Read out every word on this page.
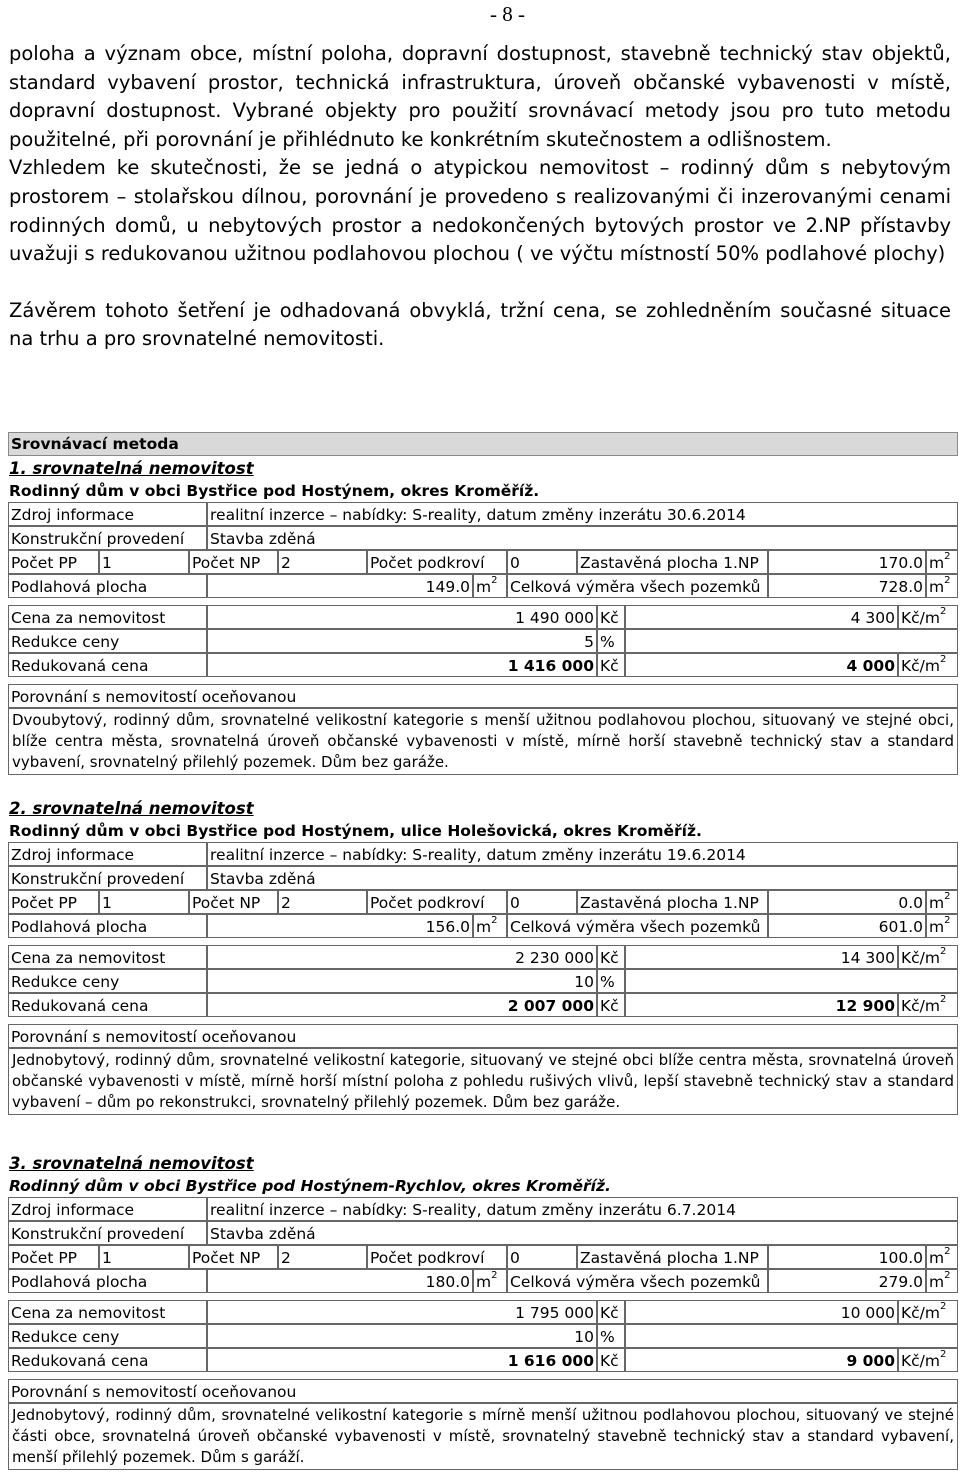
- 8 -

poloha a význam obce, místní poloha, dopravní dostupnost, stavebně technický stav objektů, standard vybavení prostor, technická infrastruktura, úroveň občanské vybavenosti v místě, dopravní dostupnost. Vybrané objekty pro použití srovnávací metody jsou pro tuto metodu použitelné, při porovnání je přihlédnuto ke konkrétním skutečnostem a odlišnostem.

Vzhledem ke skutečnosti, že se jedná o atypickou nemovitost – rodinný dům s nebytovým prostorem – stolařskou dílnou, porovnání je provedeno s realizovanými či inzerovanými cenami rodinných domů, u nebytových prostor a nedokončených bytových prostor ve 2.NP přístavby uvažuji s redukovanou užitnou podlahovou plochou ( ve výčtu místností 50% podlahové plochy)

Závěrem tohoto šetření je odhadovaná obvyklá, tržní cena, se zohledněním současné situace na trhu a pro srovnatelné nemovitosti.

Srovnávací metoda
1. srovnatelná nemovitost
Rodinný dům v obci Bystřice pod Hostýnem, okres Kroměříž.
Zdroj informace	realitní inzerce – nabídky: S-reality, datum změny inzerátu 30.6.2014
Konstrukční provedení	Stavba zděná
Počet PP	1	Počet NP	2	Počet podkroví	0	Zastavěná plocha 1.NP	170.0 $m^2$
Podlahová plocha	149.0 $m^2$ Celková výměra všech pozemků	728.0 $m^2$
Cena za nemovitost	1 490 000 Kč	4 300 $Kč/m^2$
Redukce ceny	5 %
Redukovaná cena	1 416 000 Kč	4 000 $Kč/m^2$
Porovnání s nemovitostí oceňovanou
Dvoubytový, rodinný dům, srovnatelné velikostní kategorie s menší užitnou podlahovou plochou, situovaný ve stejné obci, blíže centra města, srovnatelná úroveň občanské vybavenosti v místě, mírně horší stavebně technický stav a standard vybavení, srovnatelný přilehlý pozemek. Dům bez garáže.
2. srovnatelná nemovitost
Rodinný dům v obci Bystřice pod Hostýnem, ulice Holešovická, okres Kroměříž.
Zdroj informace	realitní inzerce – nabídky: S-reality, datum změny inzerátu 19.6.2014
Konstrukční provedení	Stavba zděná
Počet PP	1	Počet NP	2	Počet podkroví	0	Zastavěná plocha 1.NP	0.0 $m^2$
Podlahová plocha	156.0 $m^2$ Celková výměra všech pozemků	601.0 $m^2$
Cena za nemovitost	2 230 000 Kč	14 300 $Kč/m^2$
Redukce ceny	10 %
Redukovaná cena	2 007 000 Kč	12 900 $Kč/m^2$
Porovnání s nemovitostí oceňovanou
Jednobytový, rodinný dům, srovnatelné velikostní kategorie, situovaný ve stejné obci blíže centra města, srovnatelná úroveň občanské vybavenosti v místě, mírně horší místní poloha z pohledu rušivých vlivů, lepší stavebně technický stav a standard vybavení – dům po rekonstrukci, srovnatelný přilehlý pozemek. Dům bez garáže.
3. srovnatelná nemovitost
Rodinný dům v obci Bystřice pod Hostýnem-Rychlov, okres Kroměříž.
Zdroj informace	realitní inzerce – nabídky: S-reality, datum změny inzerátu 6.7.2014
Konstrukční provedení	Stavba zděná
Počet PP	1	Počet NP	2	Počet podkroví	0	Zastavěná plocha 1.NP	100.0 $m^2$
Podlahová plocha	180.0 $m^2$ Celková výměra všech pozemků	279.0 $m^2$
Cena za nemovitost	1 795 000 Kč	10 000 $Kč/m^2$
Redukce ceny	10 %
Redukovaná cena	1 616 000 Kč	9 000 $Kč/m^2$
Porovnání s nemovitostí oceňovanou
Jednobytový, rodinný dům, srovnatelné velikostní kategorie s mírně menší užitnou podlahovou plochou, situovaný ve stejné části obce, srovnatelná úroveň občanské vybavenosti v místě, srovnatelný stavebně technický stav a standard vybavení, menší přilehlý pozemek. Dům s garáží.
